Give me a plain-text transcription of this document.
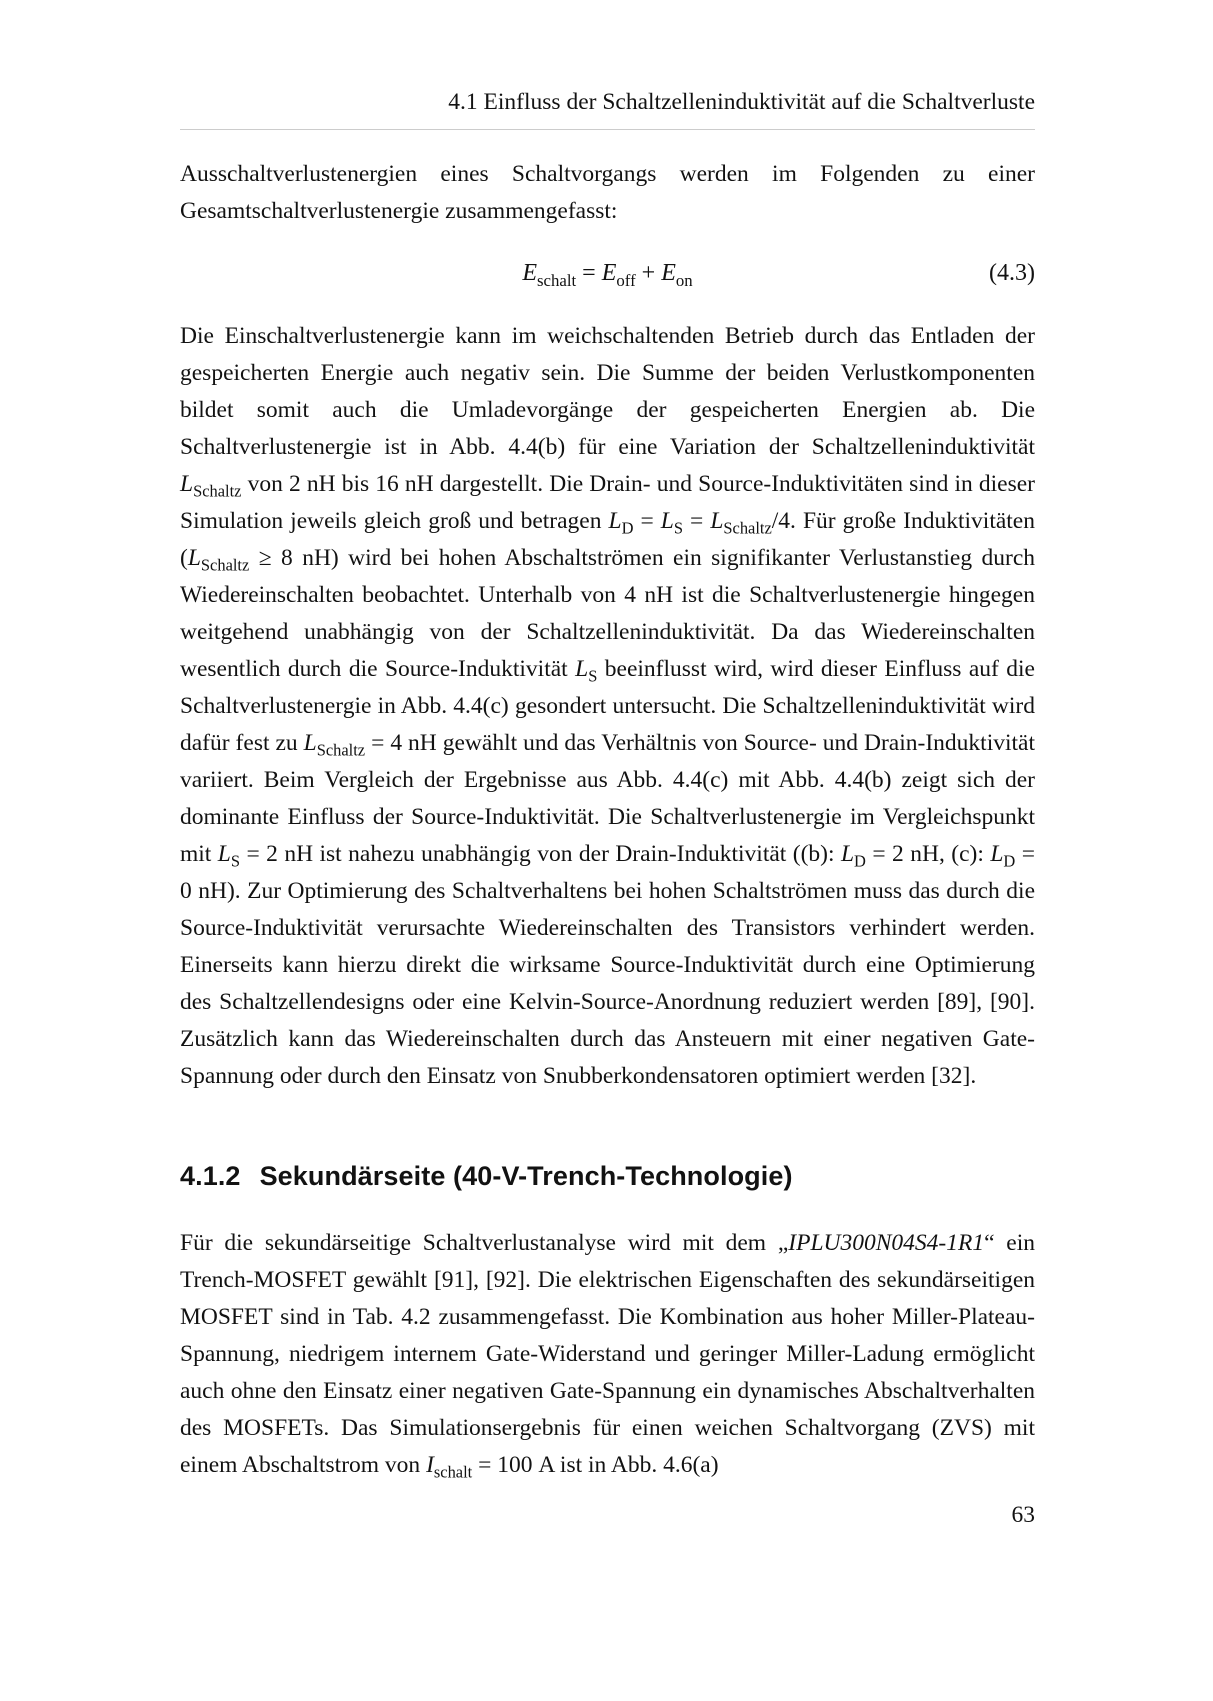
4.1 Einfluss der Schaltzelleninduktivität auf die Schaltverluste

Ausschaltverlustenergien eines Schaltvorgangs werden im Folgenden zu einer Gesamtschaltverlustenergie zusammengefasst:

$E_{schalt} = E_{off} + E_{on}$	(4.3)

Die Einschaltverlustenergie kann im weichschaltenden Betrieb durch das Entladen der gespeicherten Energie auch negativ sein. Die Summe der beiden Verlustkomponenten bildet somit auch die Umladevorgänge der gespeicherten Energien ab. Die Schaltverlustenergie ist in Abb. 4.4(b) für eine Variation der Schaltzelleninduktivität $L_{Schaltz}$ von 2 nH bis 16 nH dargestellt. Die Drain- und Source-Induktivitäten sind in dieser Simulation jeweils gleich groß und betragen $L_D = L_S = L_{Schaltz}/4$. Für große Induktivitäten ($L_{Schaltz} \ge 8$ nH) wird bei hohen Abschaltströmen ein signifikanter Verlustanstieg durch Wiedereinschalten beobachtet. Unterhalb von 4 nH ist die Schaltverlustenergie hingegen weitgehend unabhängig von der Schaltzelleninduktivität. Da das Wiedereinschalten wesentlich durch die Source-Induktivität $L_S$ beeinflusst wird, wird dieser Einfluss auf die Schaltverlustenergie in Abb. 4.4(c) gesondert untersucht. Die Schaltzelleninduktivität wird dafür fest zu $L_{Schaltz} = 4$ nH gewählt und das Verhältnis von Source- und Drain-Induktivität variiert. Beim Vergleich der Ergebnisse aus Abb. 4.4(c) mit Abb. 4.4(b) zeigt sich der dominante Einfluss der Source-Induktivität. Die Schaltverlustenergie im Vergleichspunkt mit $L_S = 2$ nH ist nahezu unabhängig von der Drain-Induktivität ((b): $L_D = 2$ nH, (c): $L_D = 0$ nH). Zur Optimierung des Schaltverhaltens bei hohen Schaltströmen muss das durch die Source-Induktivität verursachte Wiedereinschalten des Transistors verhindert werden. Einerseits kann hierzu direkt die wirksame Source-Induktivität durch eine Optimierung des Schaltzellendesigns oder eine Kelvin-Source-Anordnung reduziert werden [89], [90]. Zusätzlich kann das Wiedereinschalten durch das Ansteuern mit einer negativen Gate-Spannung oder durch den Einsatz von Snubberkondensatoren optimiert werden [32].

4.1.2 Sekundärseite (40-V-Trench-Technologie)

Für die sekundärseitige Schaltverlustanalyse wird mit dem „IPLU300N04S4-1R1“ ein Trench-MOSFET gewählt [91], [92]. Die elektrischen Eigenschaften des sekundärseitigen MOSFET sind in Tab. 4.2 zusammengefasst. Die Kombination aus hoher Miller-Plateau-Spannung, niedrigem internem Gate-Widerstand und geringer Miller-Ladung ermöglicht auch ohne den Einsatz einer negativen Gate-Spannung ein dynamisches Abschaltverhalten des MOSFETs. Das Simulationsergebnis für einen weichen Schaltvorgang (ZVS) mit einem Abschaltstrom von $I_{schalt} = 100$ A ist in Abb. 4.6(a)

63
